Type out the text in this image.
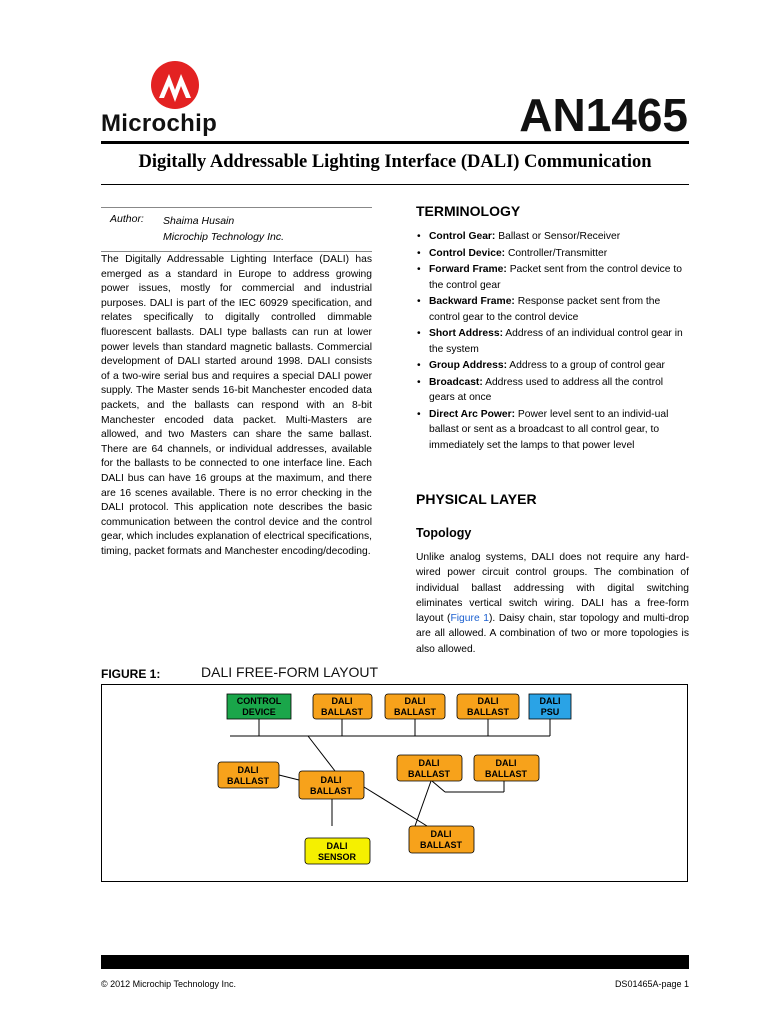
Microchip	AN1465
Digitally Addressable Lighting Interface (DALI) Communication
Author: Shaima Husain
Microchip Technology Inc.
The Digitally Addressable Lighting Interface (DALI) has emerged as a standard in Europe to address growing power issues, mostly for commercial and industrial purposes. DALI is part of the IEC 60929 specification, and relates specifically to digitally controlled dimmable fluorescent ballasts. DALI type ballasts can run at lower power levels than standard magnetic ballasts. Commercial development of DALI started around 1998. DALI consists of a two-wire serial bus and requires a special DALI power supply. The Master sends 16-bit Manchester encoded data packets, and the ballasts can respond with an 8-bit Manchester encoded data packet. Multi-Masters are allowed, and two Masters can share the same ballast. There are 64 channels, or individual addresses, available for the ballasts to be connected to one interface line. Each DALI bus can have 16 groups at the maximum, and there are 16 scenes available. There is no error checking in the DALI protocol. This application note describes the basic communication between the control device and the control gear, which includes explanation of electrical specifications, timing, packet formats and Manchester encoding/decoding.
TERMINOLOGY
• Control Gear: Ballast or Sensor/Receiver
• Control Device: Controller/Transmitter
• Forward Frame: Packet sent from the control device to the control gear
• Backward Frame: Response packet sent from the control gear to the control device
• Short Address: Address of an individual control gear in the system
• Group Address: Address to a group of control gear
• Broadcast: Address used to address all the control gears at once
• Direct Arc Power: Power level sent to an individ-ual ballast or sent as a broadcast to all control gear, to immediately set the lamps to that power level
PHYSICAL LAYER
Topology
Unlike analog systems, DALI does not require any hard-wired power circuit control groups. The combination of individual ballast addressing with digital switching eliminates vertical switch wiring. DALI has a free-form layout (Figure 1). Daisy chain, star topology and multi-drop are all allowed. A combination of two or more topologies is also allowed.
FIGURE 1:	DALI FREE-FORM LAYOUT
CONTROL
DEVICE
DALI
BALLAST
DALI
BALLAST
DALI
BALLAST
DALI
PSU
DALI
BALLAST	DALI
BALLAST
DALI
BALLAST
DALI
BALLAST
DALI
SENSOR
DALI
BALLAST
© 2012 Microchip Technology Inc.	DS01465A-page 1
